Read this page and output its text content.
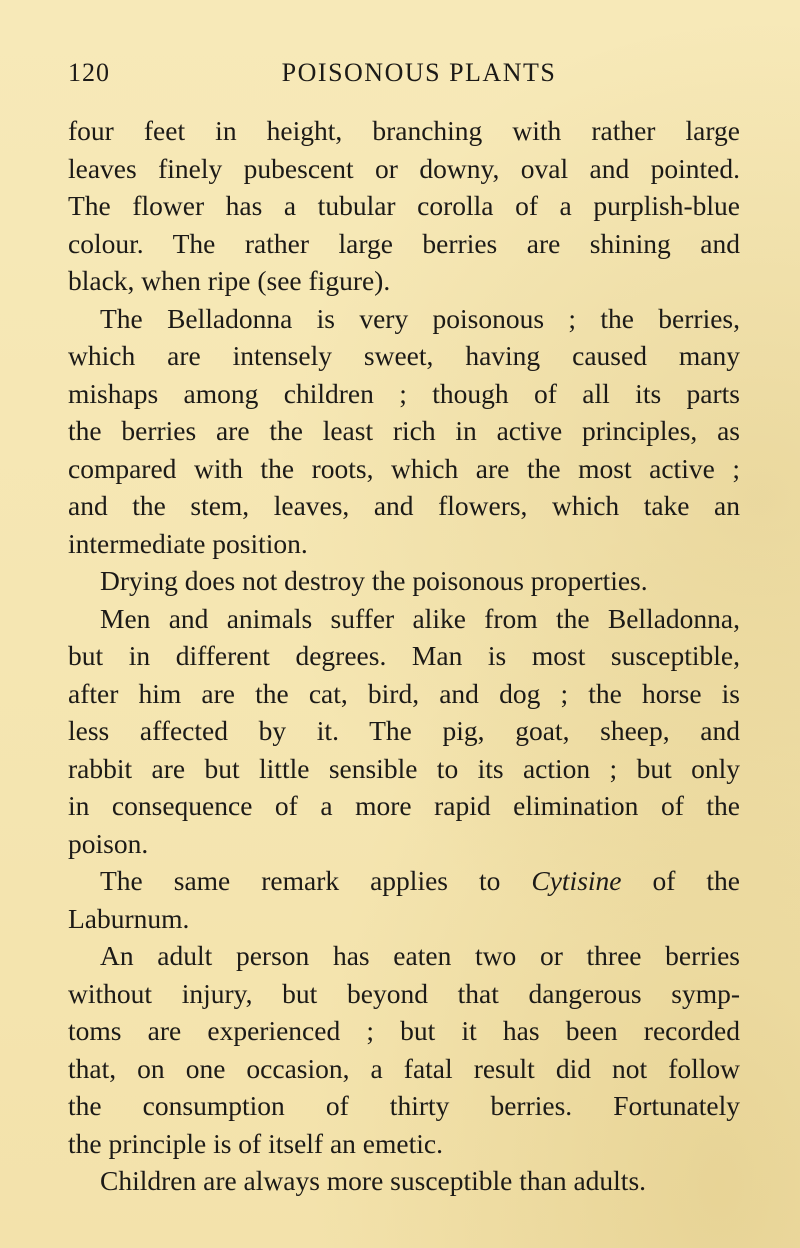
120	POISONOUS PLANTS

four feet in height, branching with rather large
leaves finely pubescent or downy, oval and pointed.
The flower has a tubular corolla of a purplish-blue
colour. The rather large berries are shining and
black, when ripe (see figure).

The Belladonna is very poisonous ; the berries,
which are intensely sweet, having caused many
mishaps among children ; though of all its parts
the berries are the least rich in active principles, as
compared with the roots, which are the most active ;
and the stem, leaves, and flowers, which take an
intermediate position.

Drying does not destroy the poisonous properties.

Men and animals suffer alike from the Belladonna,
but in different degrees. Man is most susceptible,
after him are the cat, bird, and dog ; the horse is
less affected by it. The pig, goat, sheep, and
rabbit are but little sensible to its action ; but only
in consequence of a more rapid elimination of the
poison.

The same remark applies to Cytisine of the
Laburnum.

An adult person has eaten two or three berries
without injury, but beyond that dangerous symp-
toms are experienced ; but it has been recorded
that, on one occasion, a fatal result did not follow
the consumption of thirty berries. Fortunately
the principle is of itself an emetic.

Children are always more susceptible than adults.
